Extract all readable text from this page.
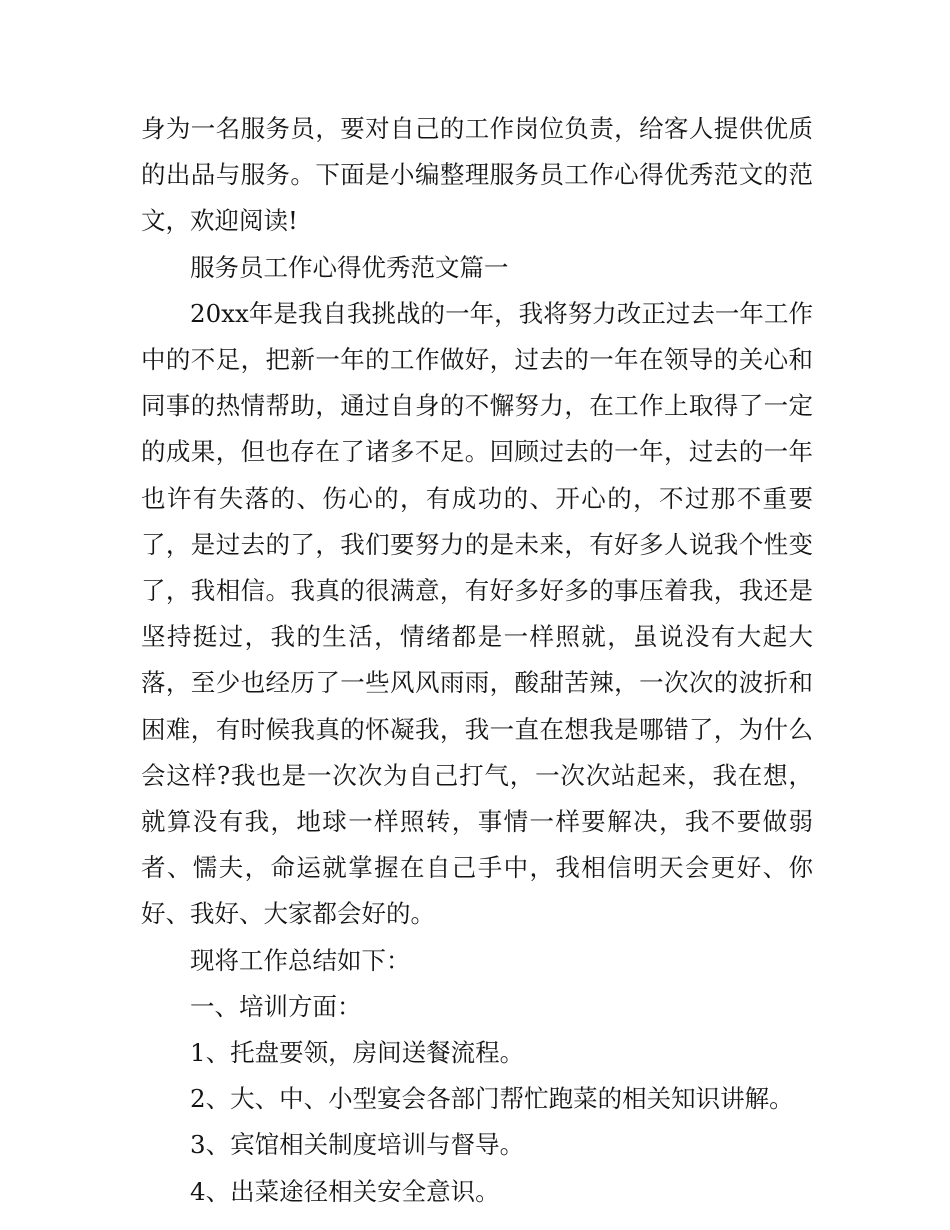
身为一名服务员，要对自己的工作岗位负责，给客人提供优质的出品与服务。下面是小编整理服务员工作心得优秀范文的范文，欢迎阅读!

服务员工作心得优秀范文篇一

20xx年是我自我挑战的一年，我将努力改正过去一年工作中的不足，把新一年的工作做好，过去的一年在领导的关心和同事的热情帮助，通过自身的不懈努力，在工作上取得了一定的成果，但也存在了诸多不足。回顾过去的一年，过去的一年也许有失落的、伤心的，有成功的、开心的，不过那不重要了，是过去的了，我们要努力的是未来，有好多人说我个性变了，我相信。我真的很满意，有好多好多的事压着我，我还是坚持挺过，我的生活，情绪都是一样照就，虽说没有大起大落，至少也经历了一些风风雨雨，酸甜苦辣，一次次的波折和困难，有时候我真的怀凝我，我一直在想我是哪错了，为什么会这样?我也是一次次为自己打气，一次次站起来，我在想，就算没有我，地球一样照转，事情一样要解决，我不要做弱者、懦夫，命运就掌握在自己手中，我相信明天会更好、你好、我好、大家都会好的。

现将工作总结如下：

一、培训方面：

1、托盘要领，房间送餐流程。

2、大、中、小型宴会各部门帮忙跑菜的相关知识讲解。

3、宾馆相关制度培训与督导。

4、出菜途径相关安全意识。
